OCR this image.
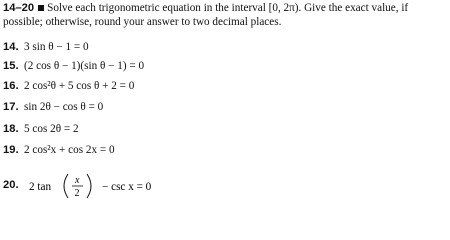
14–20 Solve each trigonometric equation in the interval [0, 2π). Give the exact value, if possible; otherwise, round your answer to two decimal places.
14. 3 sin θ − 1 = 0
15. (2 cos θ − 1)(sin θ − 1) = 0
16. 2 cos²θ + 5 cos θ + 2 = 0
17. sin 2θ − cos θ = 0
18. 5 cos 2θ = 2
19. 2 cos²x + cos 2x = 0
20. 2 tan
x
2
− csc x = 0
